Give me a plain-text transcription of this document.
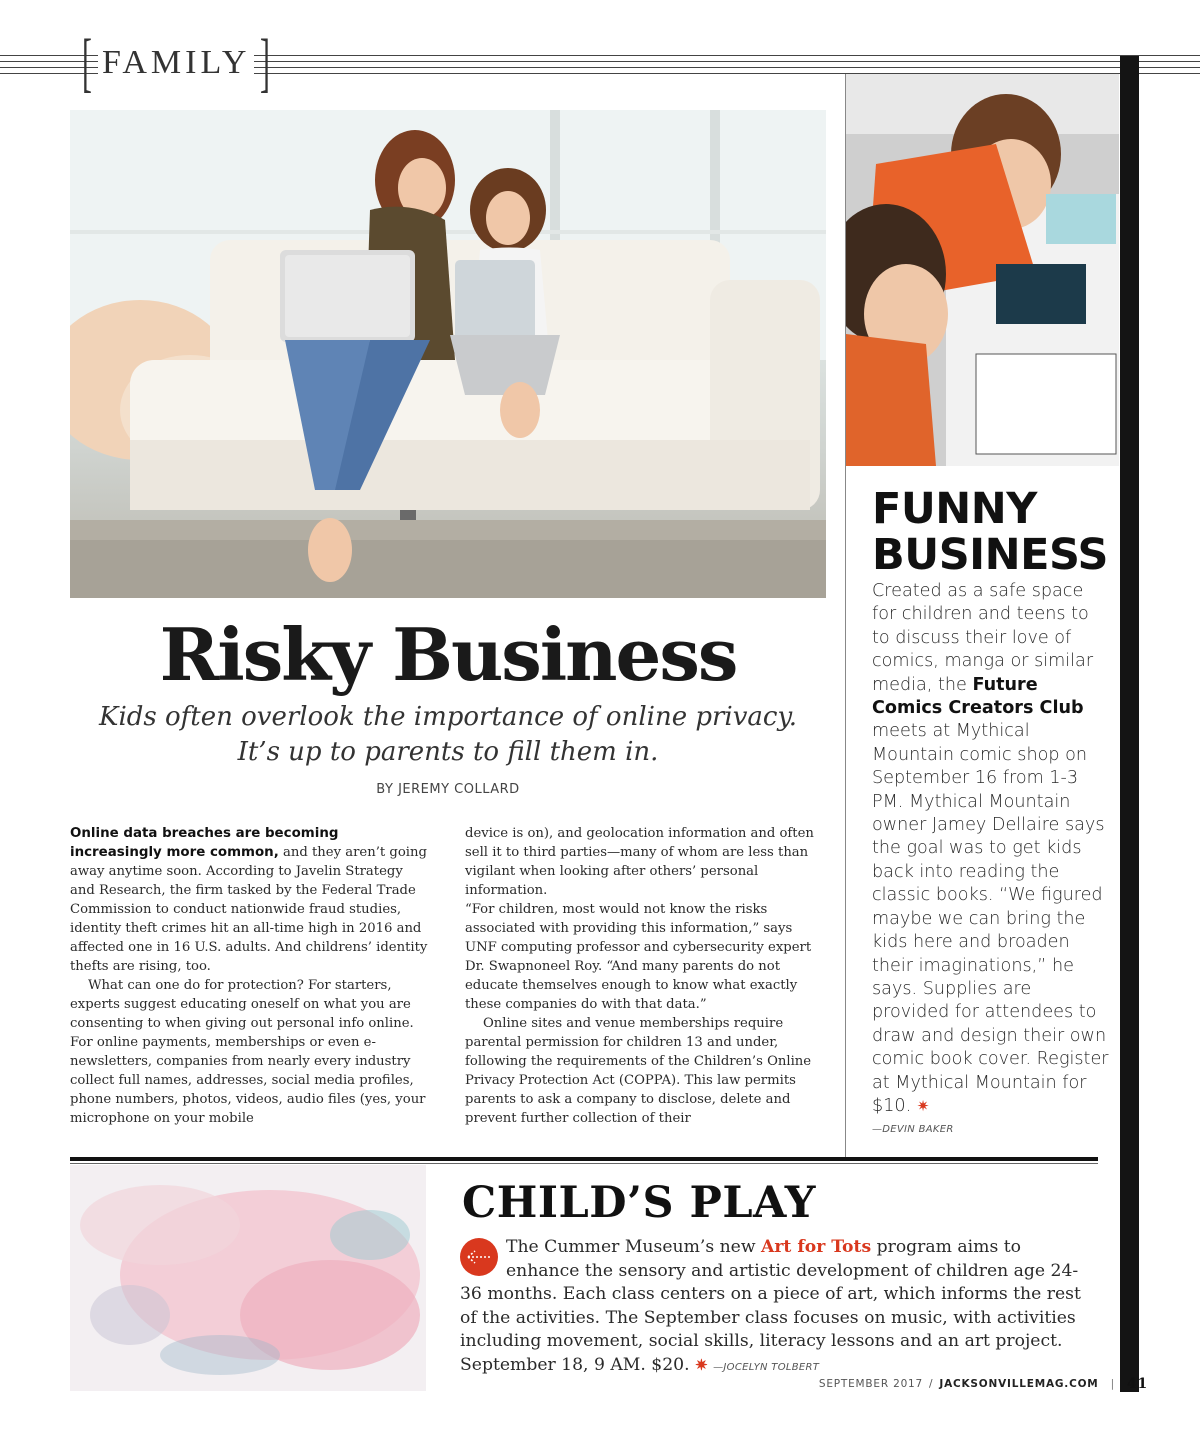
[ FAMILY ]
Risky Business
Kids often overlook the importance of online privacy.
It’s up to parents to fill them in.
BY JEREMY COLLARD

Online data breaches are becoming increasingly more common, and they aren’t going away anytime soon. According to Javelin Strategy and Research, the firm tasked by the Federal Trade Commission to conduct nationwide fraud studies, identity theft crimes hit an all-time high in 2016 and affected one in 16 U.S. adults. And childrens’ identity thefts are rising, too.

What can one do for protection? For starters, experts suggest educating oneself on what you are consenting to when giving out personal info online. For online payments, memberships or even e-newsletters, companies from nearly every industry collect full names, addresses, social media profiles, phone numbers, photos, videos, audio files (yes, your microphone on your mobile

device is on), and geolocation information and often sell it to third parties—many of whom are less than vigilant when looking after others’ personal information.

“For children, most would not know the risks associated with providing this information,” says UNF computing professor and cybersecurity expert Dr. Swapnoneel Roy. “And many parents do not educate themselves enough to know what exactly these companies do with that data.”

Online sites and venue memberships require parental permission for children 13 and under, following the requirements of the Children’s Online Privacy Protection Act (COPPA). This law permits parents to ask a company to disclose, delete and prevent further collection of their

FUNNY
BUSINESS
Created as a safe space for children and teens to to discuss their love of comics, manga or similar media, the Future Comics Creators Club meets at Mythical Mountain comic shop on September 16 from 1-3 PM. Mythical Mountain owner Jamey Dellaire says the goal was to get kids back into reading the classic books. “We figured maybe we can bring the kids here and broaden their imaginations,” he says. Supplies are provided for attendees to draw and design their own comic book cover. Register at Mythical Mountain for $10. ✷
—DEVIN BAKER
CHILD’S PLAY
The Cummer Museum’s new Art for Tots program aims to enhance the sensory and artistic development of children age 24-36 months. Each class centers on a piece of art, which informs the rest of the activities. The September class focuses on music, with activities including movement, social skills, literacy lessons and an art project. September 18, 9 AM. $20. ✷ —JOCELYN TOLBERT
SEPTEMBER 2017 / JACKSONVILLEMAG.COM | 41
